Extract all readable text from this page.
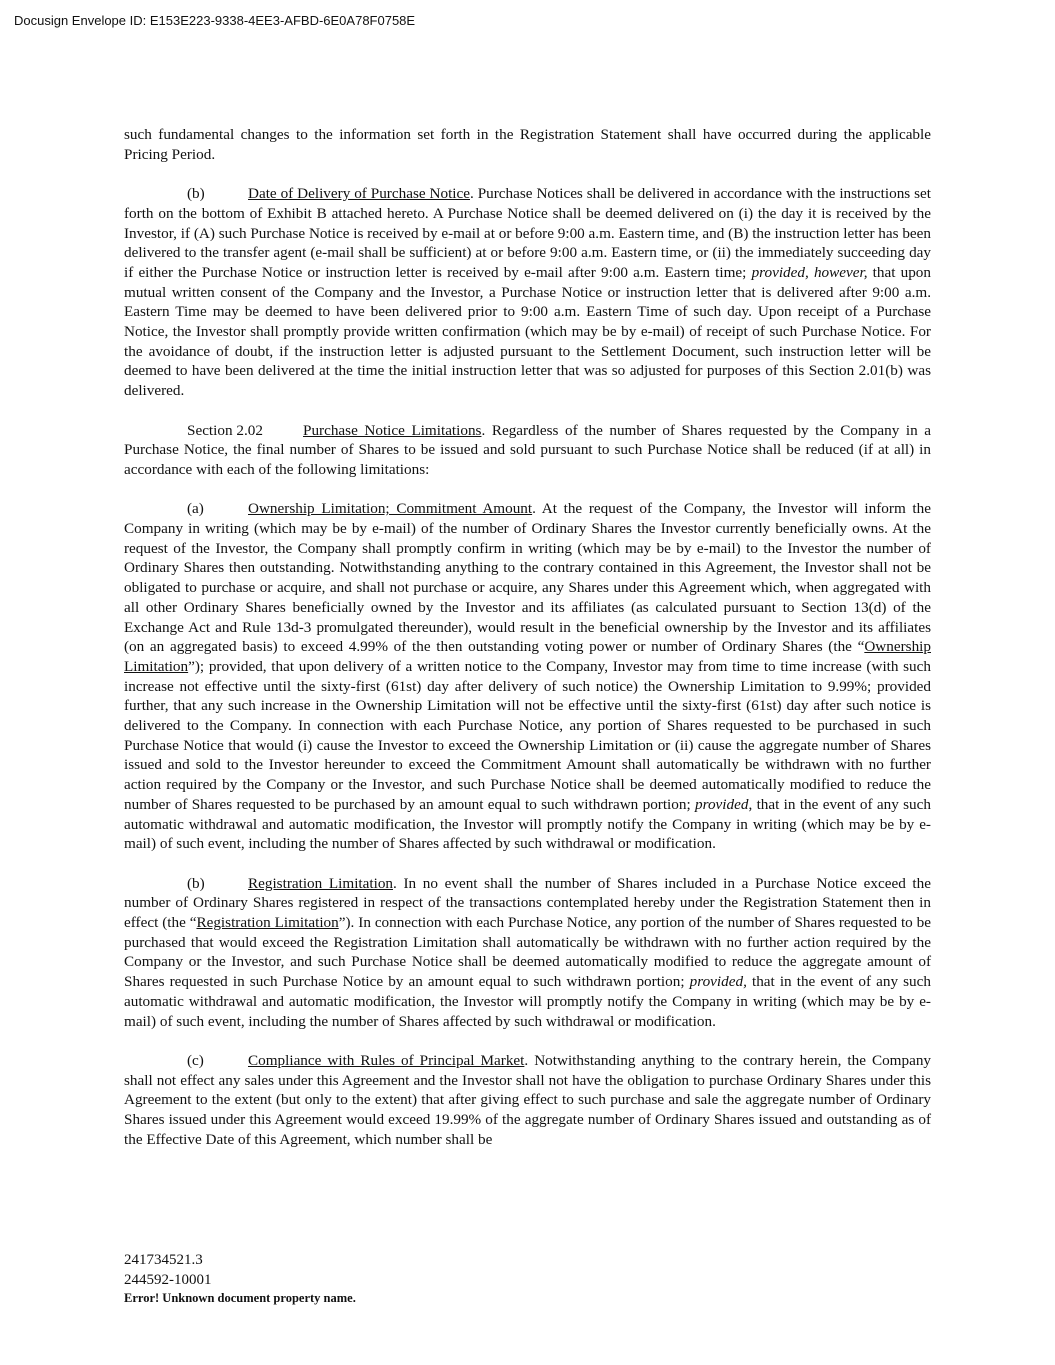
Docusign Envelope ID: E153E223-9338-4EE3-AFBD-6E0A78F0758E

such fundamental changes to the information set forth in the Registration Statement shall have occurred during the applicable Pricing Period.

(b)	Date of Delivery of Purchase Notice. Purchase Notices shall be delivered in accordance with the instructions set forth on the bottom of Exhibit B attached hereto. A Purchase Notice shall be deemed delivered on (i) the day it is received by the Investor, if (A) such Purchase Notice is received by e-mail at or before 9:00 a.m. Eastern time, and (B) the instruction letter has been delivered to the transfer agent (e-mail shall be sufficient) at or before 9:00 a.m. Eastern time, or (ii) the immediately succeeding day if either the Purchase Notice or instruction letter is received by e-mail after 9:00 a.m. Eastern time; provided, however, that upon mutual written consent of the Company and the Investor, a Purchase Notice or instruction letter that is delivered after 9:00 a.m. Eastern Time may be deemed to have been delivered prior to 9:00 a.m. Eastern Time of such day. Upon receipt of a Purchase Notice, the Investor shall promptly provide written confirmation (which may be by e-mail) of receipt of such Purchase Notice. For the avoidance of doubt, if the instruction letter is adjusted pursuant to the Settlement Document, such instruction letter will be deemed to have been delivered at the time the initial instruction letter that was so adjusted for purposes of this Section 2.01(b) was delivered.

Section 2.02	Purchase Notice Limitations. Regardless of the number of Shares requested by the Company in a Purchase Notice, the final number of Shares to be issued and sold pursuant to such Purchase Notice shall be reduced (if at all) in accordance with each of the following limitations:

(a)	Ownership Limitation; Commitment Amount. At the request of the Company, the Investor will inform the Company in writing (which may be by e-mail) of the number of Ordinary Shares the Investor currently beneficially owns. At the request of the Investor, the Company shall promptly confirm in writing (which may be by e-mail) to the Investor the number of Ordinary Shares then outstanding. Notwithstanding anything to the contrary contained in this Agreement, the Investor shall not be obligated to purchase or acquire, and shall not purchase or acquire, any Shares under this Agreement which, when aggregated with all other Ordinary Shares beneficially owned by the Investor and its affiliates (as calculated pursuant to Section 13(d) of the Exchange Act and Rule 13d-3 promulgated thereunder), would result in the beneficial ownership by the Investor and its affiliates (on an aggregated basis) to exceed 4.99% of the then outstanding voting power or number of Ordinary Shares (the “Ownership Limitation”); provided, that upon delivery of a written notice to the Company, Investor may from time to time increase (with such increase not effective until the sixty-first (61st) day after delivery of such notice) the Ownership Limitation to 9.99%; provided further, that any such increase in the Ownership Limitation will not be effective until the sixty-first (61st) day after such notice is delivered to the Company. In connection with each Purchase Notice, any portion of Shares requested to be purchased in such Purchase Notice that would (i) cause the Investor to exceed the Ownership Limitation or (ii) cause the aggregate number of Shares issued and sold to the Investor hereunder to exceed the Commitment Amount shall automatically be withdrawn with no further action required by the Company or the Investor, and such Purchase Notice shall be deemed automatically modified to reduce the number of Shares requested to be purchased by an amount equal to such withdrawn portion; provided, that in the event of any such automatic withdrawal and automatic modification, the Investor will promptly notify the Company in writing (which may be by e-mail) of such event, including the number of Shares affected by such withdrawal or modification.

(b)	Registration Limitation. In no event shall the number of Shares included in a Purchase Notice exceed the number of Ordinary Shares registered in respect of the transactions contemplated hereby under the Registration Statement then in effect (the “Registration Limitation”). In connection with each Purchase Notice, any portion of the number of Shares requested to be purchased that would exceed the Registration Limitation shall automatically be withdrawn with no further action required by the Company or the Investor, and such Purchase Notice shall be deemed automatically modified to reduce the aggregate amount of Shares requested in such Purchase Notice by an amount equal to such withdrawn portion; provided, that in the event of any such automatic withdrawal and automatic modification, the Investor will promptly notify the Company in writing (which may be by e-mail) of such event, including the number of Shares affected by such withdrawal or modification.

(c)	Compliance with Rules of Principal Market. Notwithstanding anything to the contrary herein, the Company shall not effect any sales under this Agreement and the Investor shall not have the obligation to purchase Ordinary Shares under this Agreement to the extent (but only to the extent) that after giving effect to such purchase and sale the aggregate number of Ordinary Shares issued under this Agreement would exceed 19.99% of the aggregate number of Ordinary Shares issued and outstanding as of the Effective Date of this Agreement, which number shall be

241734521.3
244592-10001
Error! Unknown document property name.
